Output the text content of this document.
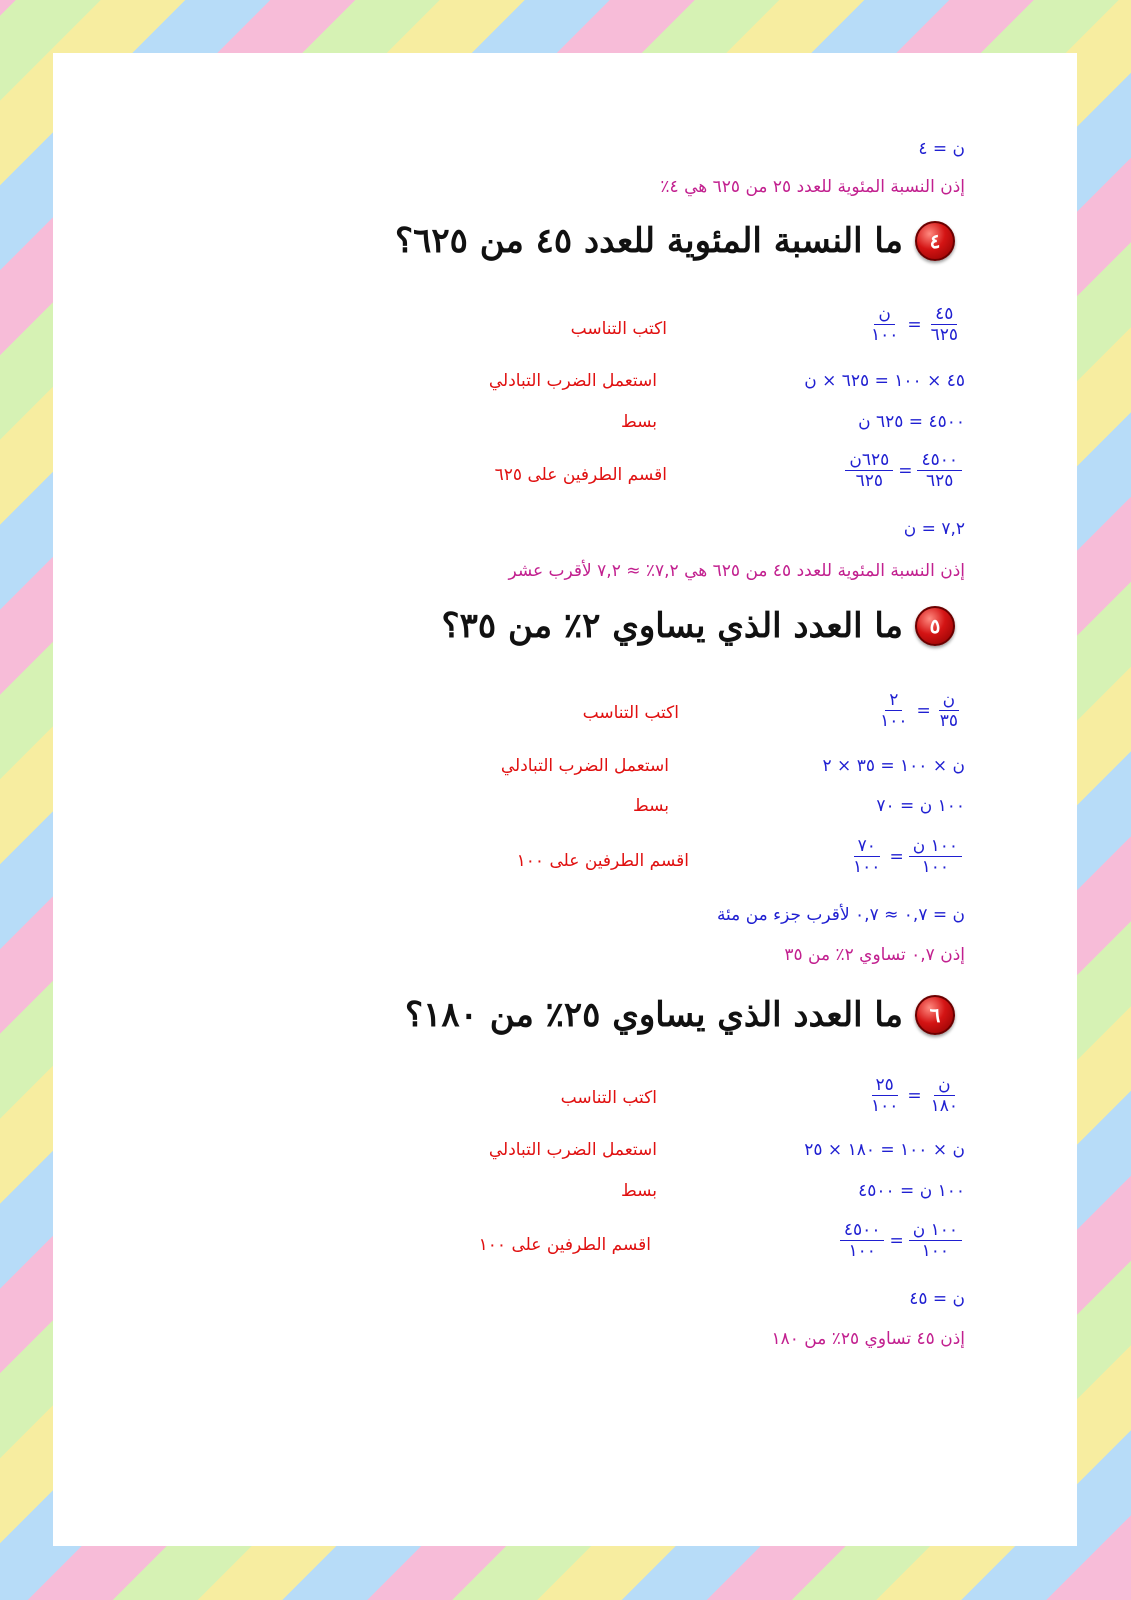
ن = ٤
إذن النسبة المئوية للعدد ٢٥ من ٦٢٥ هي ٤٪
٤
ما النسبة المئوية للعدد ٤٥ من ٦٢٥؟
$\frac{٤٥}{٦٢٥}$
=
$\frac{\text{ن}}{١٠٠}$
اكتب التناسب
٤٥ × ١٠٠ = ٦٢٥ × ن
استعمل الضرب التبادلي
٤٥٠٠ = ٦٢٥ ن
بسط
$\frac{٤٥٠٠}{٦٢٥}$
=
$\frac{\text{٦٢٥ن}}{٦٢٥}$
اقسم الطرفين على ٦٢٥
٧,٢ = ن
إذن النسبة المئوية للعدد ٤٥ من ٦٢٥ هي ٧,٢٪ ≈ ٧,٢ لأقرب عشر
٥
ما العدد الذي يساوي ٢٪ من ٣٥؟
$\frac{\text{ن}}{٣٥}$
=
$\frac{٢}{١٠٠}$
اكتب التناسب
ن × ١٠٠ = ٣٥ × ٢
استعمل الضرب التبادلي
١٠٠ ن = ٧٠
بسط
$\frac{\text{١٠٠ ن}}{١٠٠}$
=
$\frac{٧٠}{١٠٠}$
اقسم الطرفين على ١٠٠
ن = ٠,٧ ≈ ٠,٧ لأقرب جزء من مئة
إذن ٠,٧ تساوي ٢٪ من ٣٥
٦
ما العدد الذي يساوي ٢٥٪ من ١٨٠؟
$\frac{\text{ن}}{١٨٠}$
=
$\frac{٢٥}{١٠٠}$
اكتب التناسب
ن × ١٠٠ = ١٨٠ × ٢٥
استعمل الضرب التبادلي
١٠٠ ن = ٤٥٠٠
بسط
$\frac{\text{١٠٠ ن}}{١٠٠}$
=
$\frac{٤٥٠٠}{١٠٠}$
اقسم الطرفين على ١٠٠
ن = ٤٥
إذن ٤٥ تساوي ٢٥٪ من ١٨٠
